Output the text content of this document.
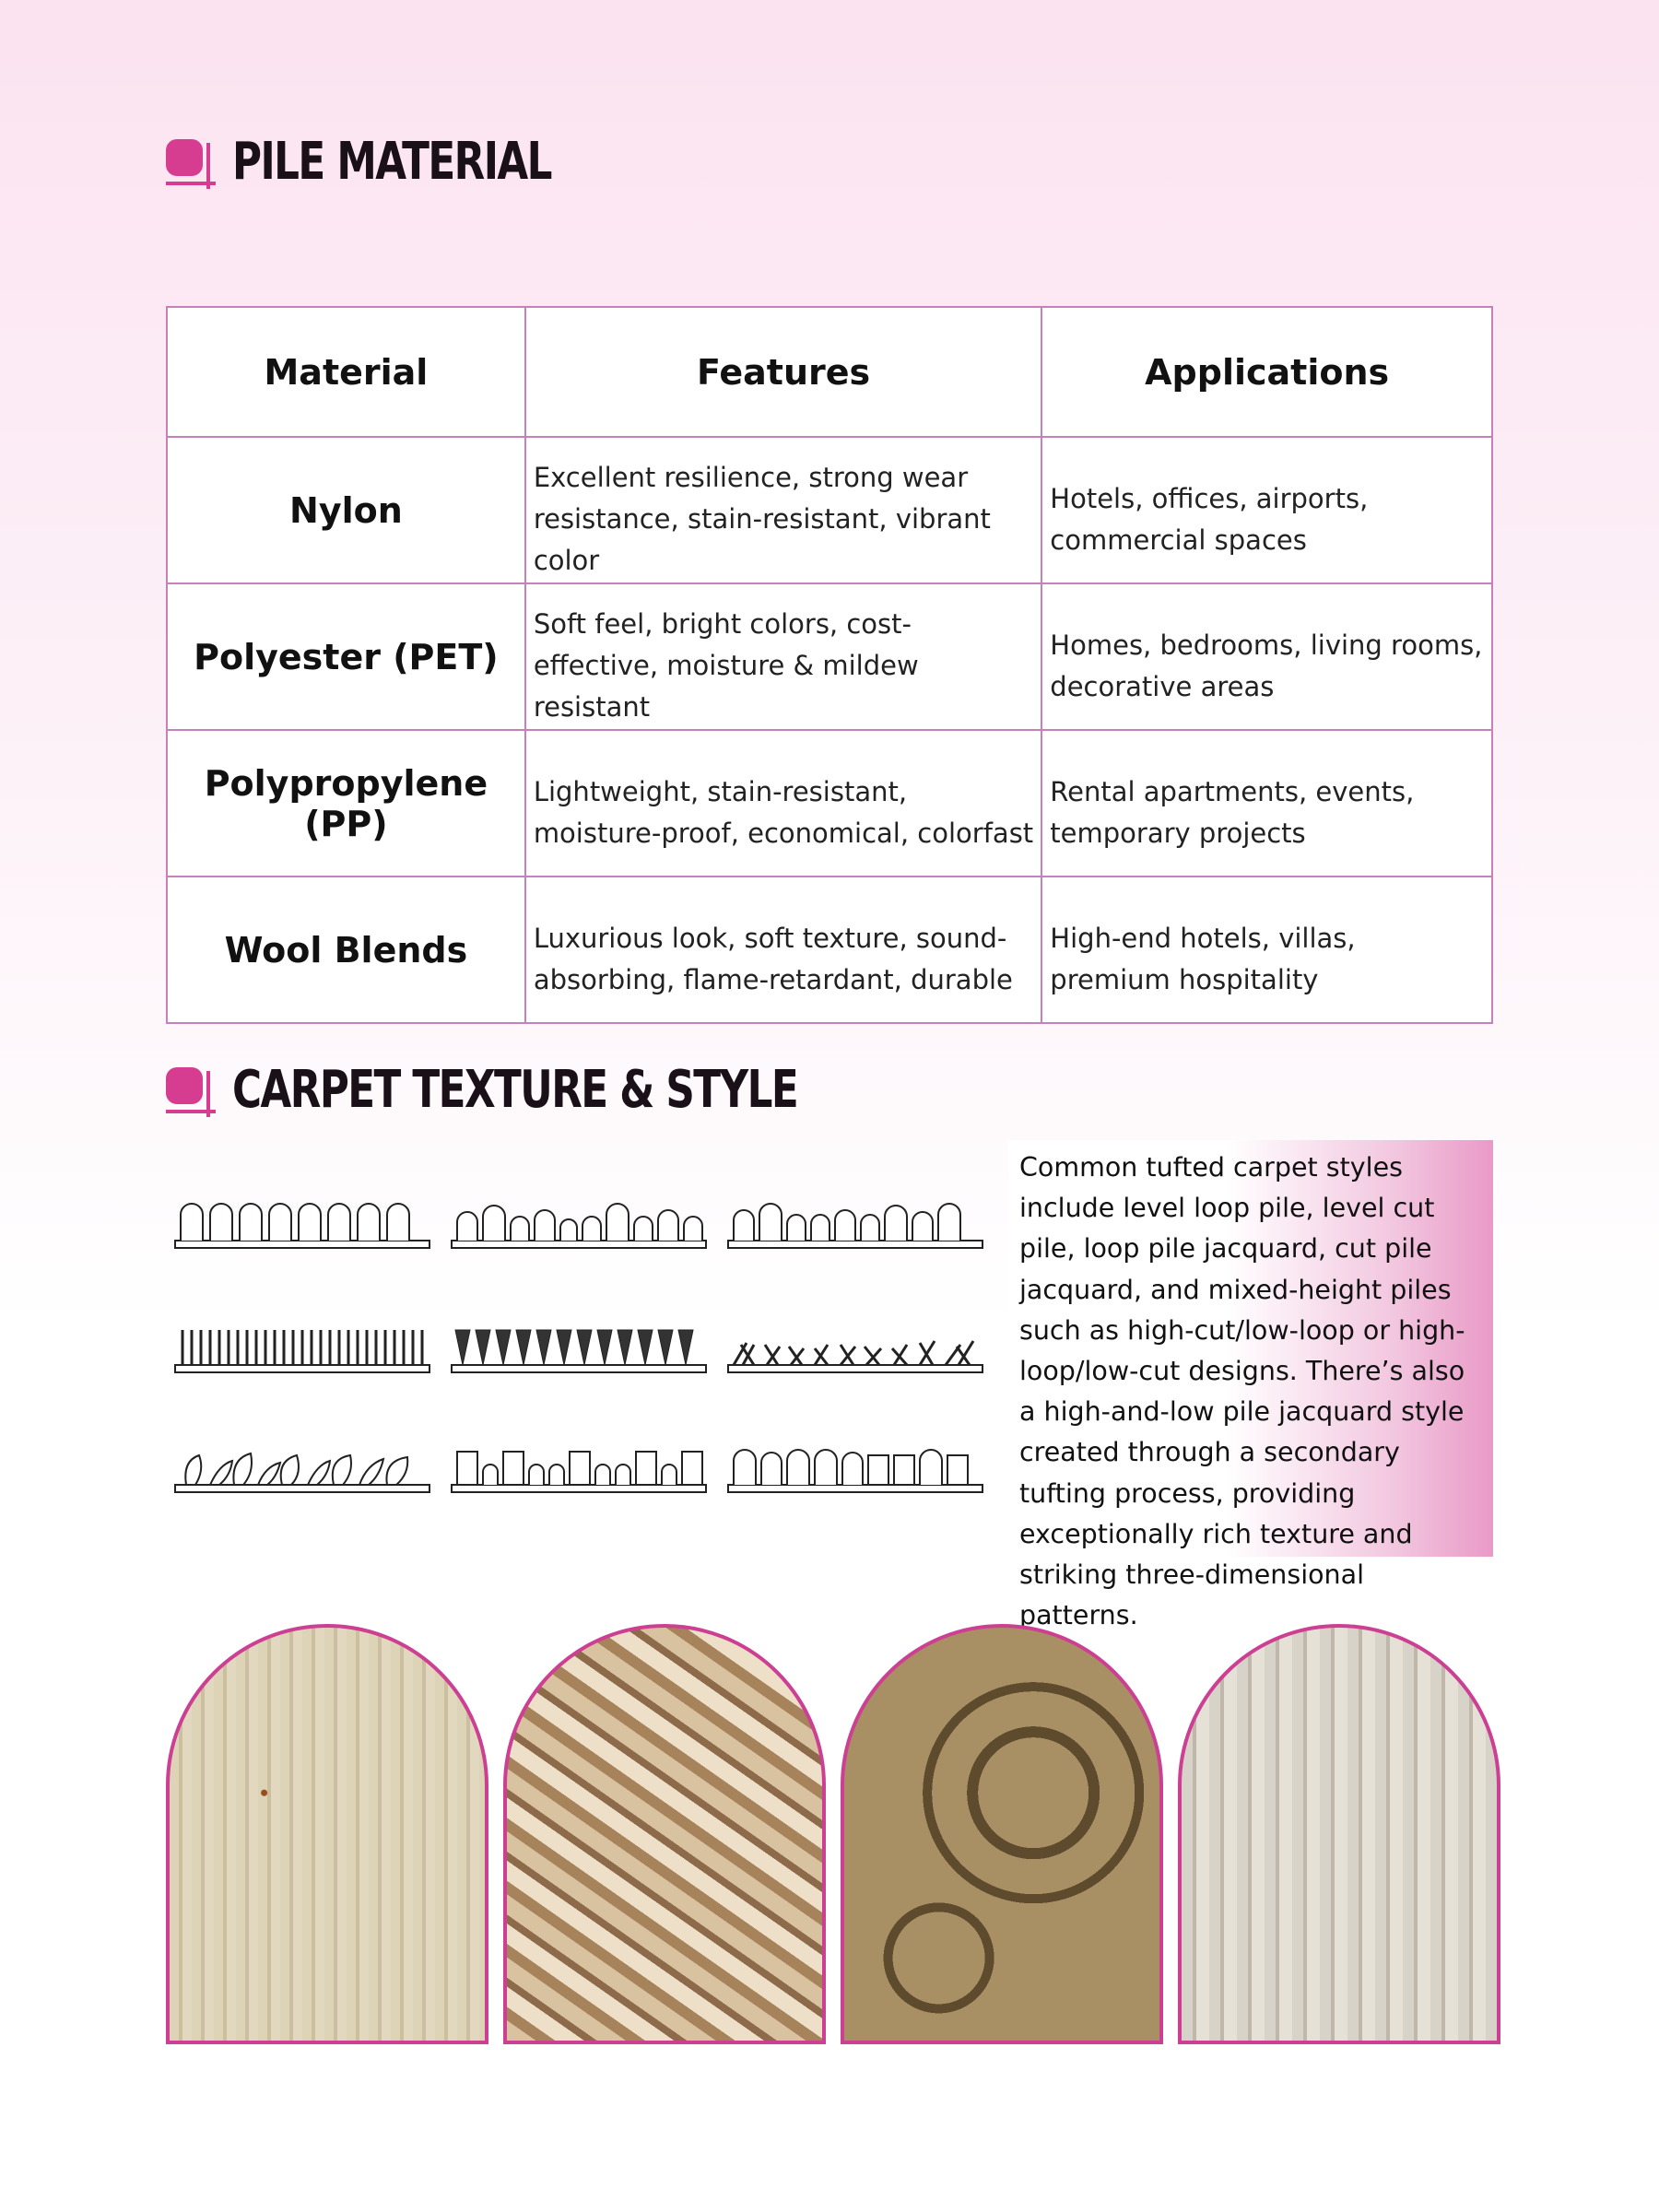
PILE MATERIAL
Material	Features	Applications
Nylon	Excellent resilience, strong wear resistance, stain-resistant, vibrant color	Hotels, offices, airports, commercial spaces
Polyester (PET)	Soft feel, bright colors, cost-effective, moisture & mildew resistant	Homes, bedrooms, living rooms, decorative areas
Polypropylene (PP)	Lightweight, stain-resistant, moisture-proof, economical, colorfast	Rental apartments, events, temporary projects
Wool Blends	Luxurious look, soft texture, sound-absorbing, flame-retardant, durable	High-end hotels, villas, premium hospitality
CARPET TEXTURE & STYLE
Common tufted carpet styles include level loop pile, level cut pile, loop pile jacquard, cut pile jacquard, and mixed-height piles such as high-cut/low-loop or high-loop/low-cut designs. There’s also a high-and-low pile jacquard style created through a secondary tufting process, providing exceptionally rich texture and striking three-dimensional patterns.
